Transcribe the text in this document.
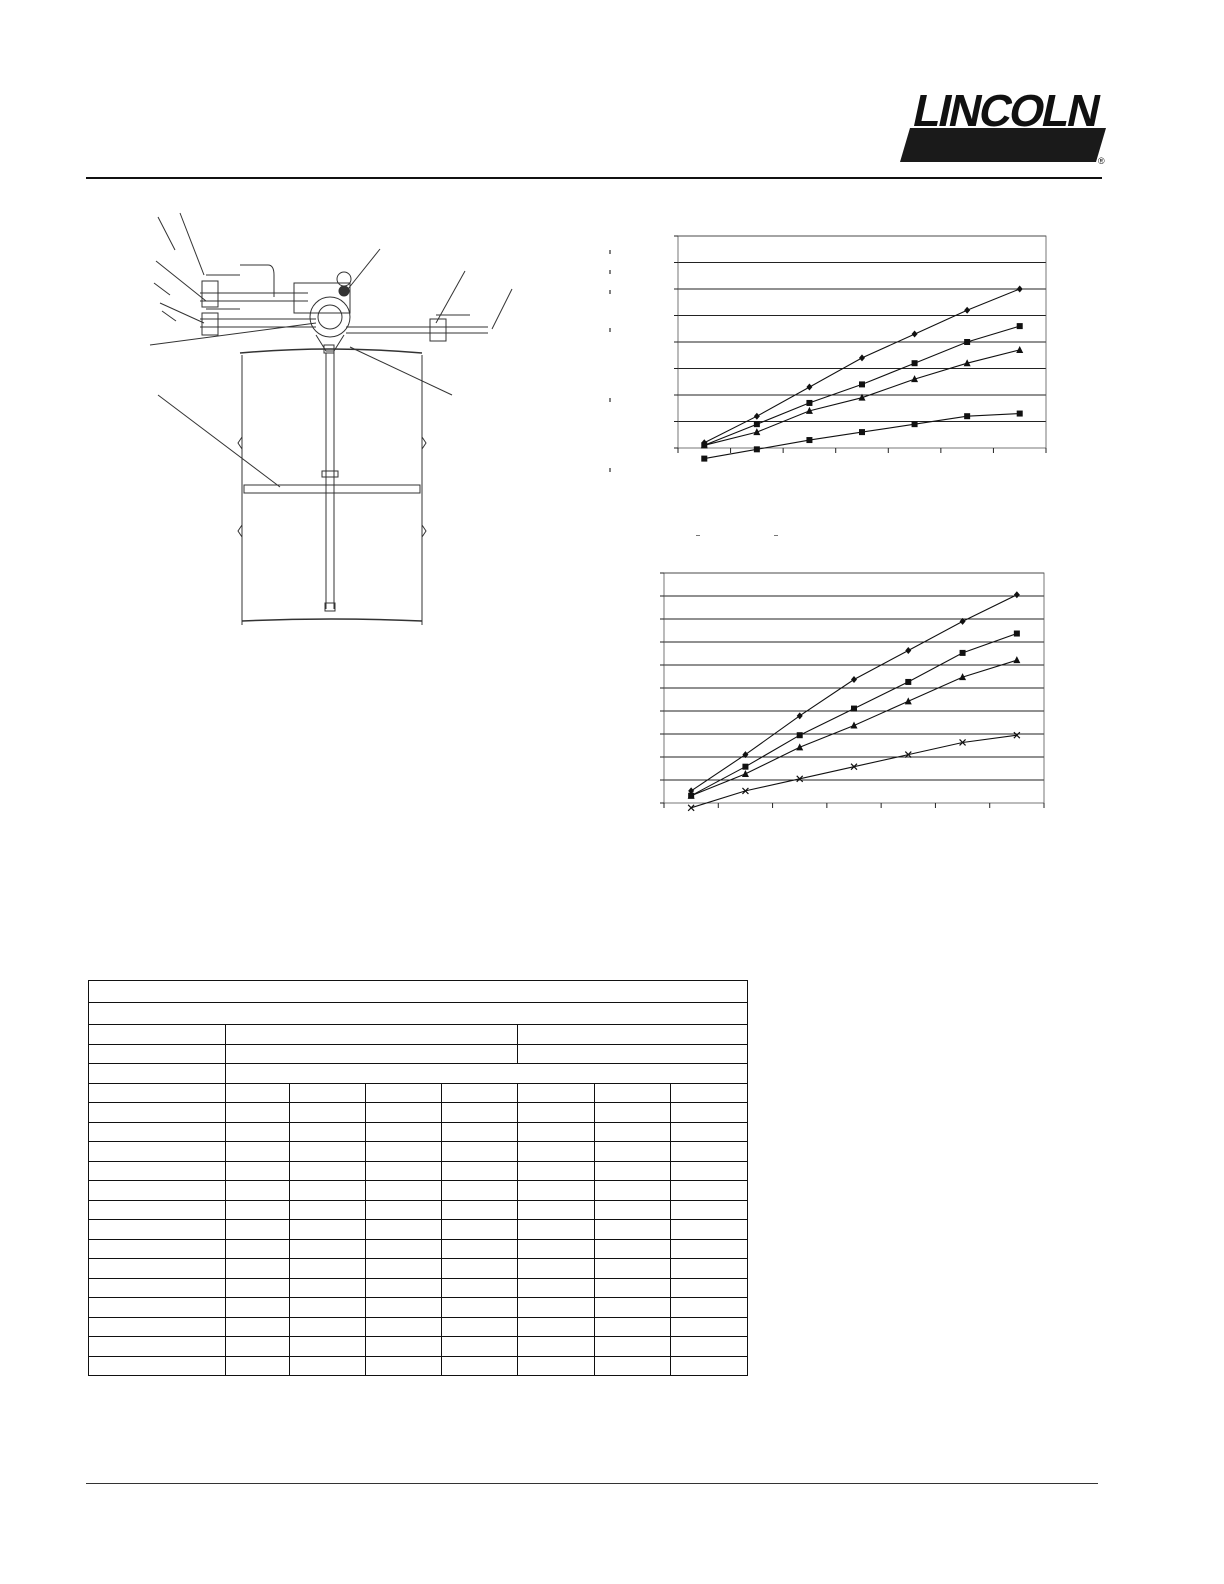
LINCOLN
®
